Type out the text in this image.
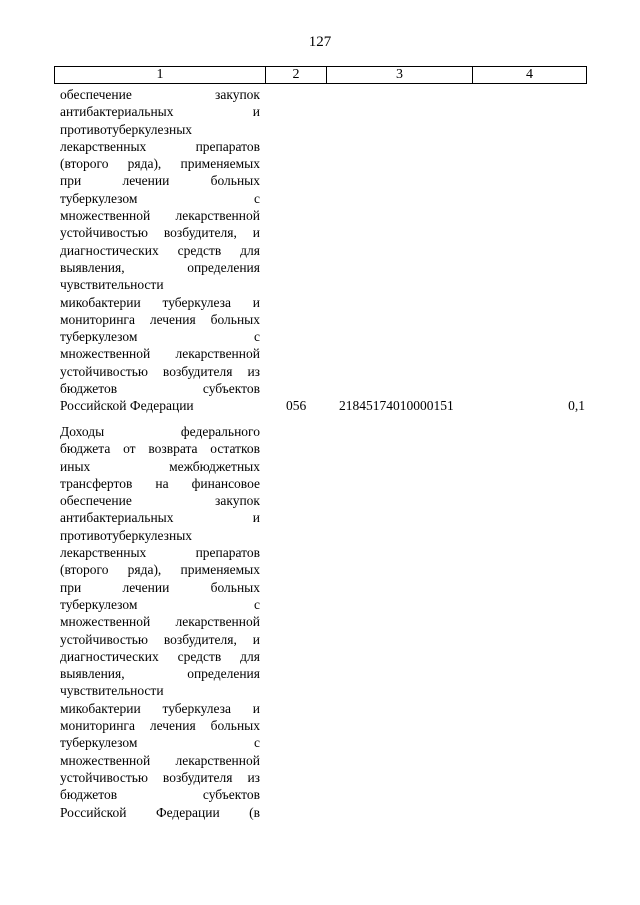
127
1	2	3	4
обеспечение закупок
антибактериальных и
противотуберкулезных
лекарственных препаратов
(второго ряда), применяемых
при лечении больных
туберкулезом с
множественной лекарственной
устойчивостью возбудителя, и
диагностических средств для
выявления, определения
чувствительности
микобактерии туберкулеза и
мониторинга лечения больных
туберкулезом с
множественной лекарственной
устойчивостью возбудителя из
бюджетов субъектов
Российской Федерации	056 21845174010000151	0,1
Доходы федерального
бюджета от возврата остатков
иных межбюджетных
трансфертов на финансовое
обеспечение закупок
антибактериальных и
противотуберкулезных
лекарственных препаратов
(второго ряда), применяемых
при лечении больных
туберкулезом с
множественной лекарственной
устойчивостью возбудителя, и
диагностических средств для
выявления, определения
чувствительности
микобактерии туберкулеза и
мониторинга лечения больных
туберкулезом с
множественной лекарственной
устойчивостью возбудителя из
бюджетов субъектов
Российской Федерации (в
